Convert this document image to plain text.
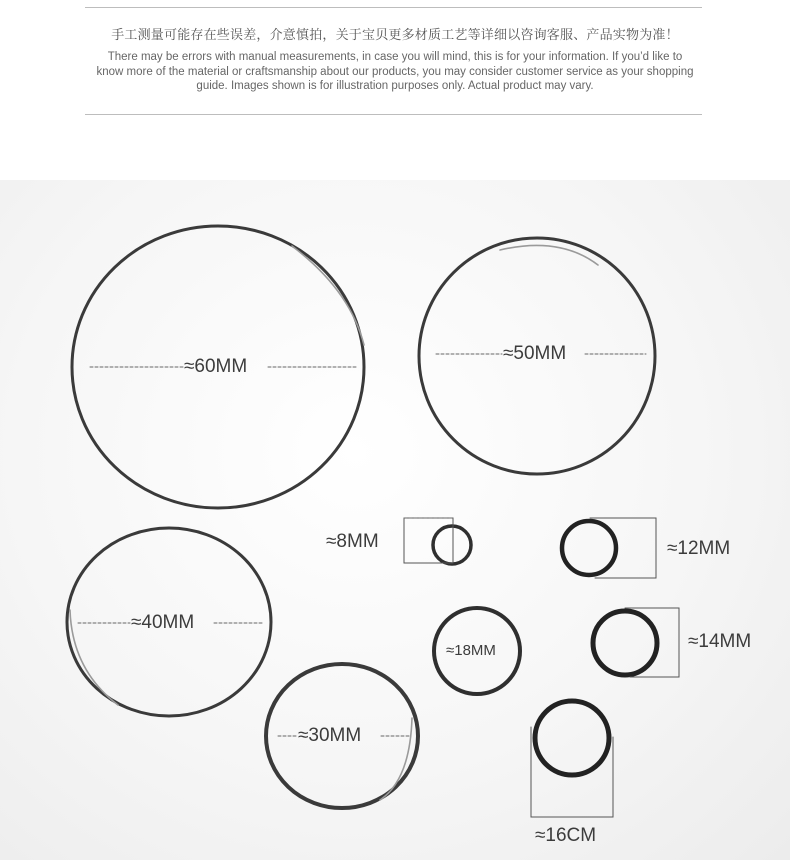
手工测量可能存在些误差，介意慎拍，关于宝贝更多材质工艺等详细以咨询客服、产品实物为准！
There may be errors with manual measurements, in case you will mind, this is for your information. If you’d like to know more of the material or craftsmanship about our products, you may consider customer service as your shopping guide. Images shown is for illustration purposes only. Actual product may vary.
≈60MM
≈50MM
≈40MM
≈30MM
≈8MM	≈12MM
≈18MM	≈14MM
≈16CM
